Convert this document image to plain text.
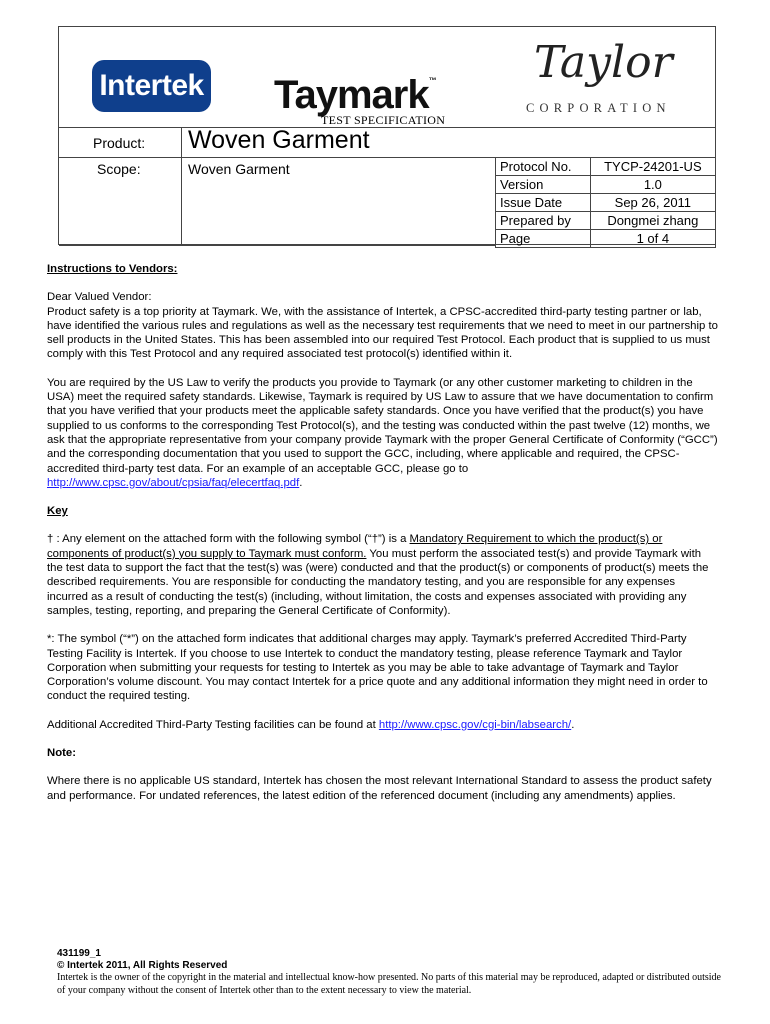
Intertek Taymark™
TEST SPECIFICATION
Taylor
CORPORATION
Product: Woven Garment
Scope:	Woven Garment	Protocol No.	TYCP-24201-US
Version	1.0
Issue Date	Sep 26, 2011
Prepared by	Dongmei zhang
Page	1 of 4

Instructions to Vendors:

Dear Valued Vendor:

Product safety is a top priority at Taymark. We, with the assistance of Intertek, a CPSC-accredited third-party testing partner or lab, have identified the various rules and regulations as well as the necessary test requirements that we need to meet in our partnership to sell products in the United States. This has been assembled into our required Test Protocol. Each product that is supplied to us must comply with this Test Protocol and any required associated test protocol(s) identified within it.

You are required by the US Law to verify the products you provide to Taymark (or any other customer marketing to children in the USA) meet the required safety standards. Likewise, Taymark is required by US Law to assure that we have documentation to confirm that you have verified that your products meet the applicable safety standards. Once you have verified that the product(s) you have supplied to us conforms to the corresponding Test Protocol(s), and the testing was conducted within the past twelve (12) months, we ask that the appropriate representative from your company provide Taymark with the proper General Certificate of Conformity (“GCC”) and the corresponding documentation that you used to support the GCC, including, where applicable and required, the CPSC-accredited third-party test data. For an example of an acceptable GCC, please go to http://www.cpsc.gov/about/cpsia/faq/elecertfaq.pdf.

Key

† : Any element on the attached form with the following symbol (“†”) is a Mandatory Requirement to which the product(s) or components of product(s) you supply to Taymark must conform. You must perform the associated test(s) and provide Taymark with the test data to support the fact that the test(s) was (were) conducted and that the product(s) or components of product(s) meets the described requirements. You are responsible for conducting the mandatory testing, and you are responsible for any expenses incurred as a result of conducting the test(s) (including, without limitation, the costs and expenses associated with providing any samples, testing, reporting, and preparing the General Certificate of Conformity).

*: The symbol (“*”) on the attached form indicates that additional charges may apply. Taymark’s preferred Accredited Third-Party Testing Facility is Intertek. If you choose to use Intertek to conduct the mandatory testing, please reference Taymark and Taylor Corporation when submitting your requests for testing to Intertek as you may be able to take advantage of Taymark and Taylor Corporation’s volume discount. You may contact Intertek for a price quote and any additional information they might need in order to conduct the required testing.

Additional Accredited Third-Party Testing facilities can be found at http://www.cpsc.gov/cgi-bin/labsearch/.

Note:

Where there is no applicable US standard, Intertek has chosen the most relevant International Standard to assess the product safety and performance. For undated references, the latest edition of the referenced document (including any amendments) applies.

431199_1
© Intertek 2011, All Rights Reserved
Intertek is the owner of the copyright in the material and intellectual know-how presented. No parts of this material may be reproduced, adapted or distributed outside of your company without the consent of Intertek other than to the extent necessary to view the material.
